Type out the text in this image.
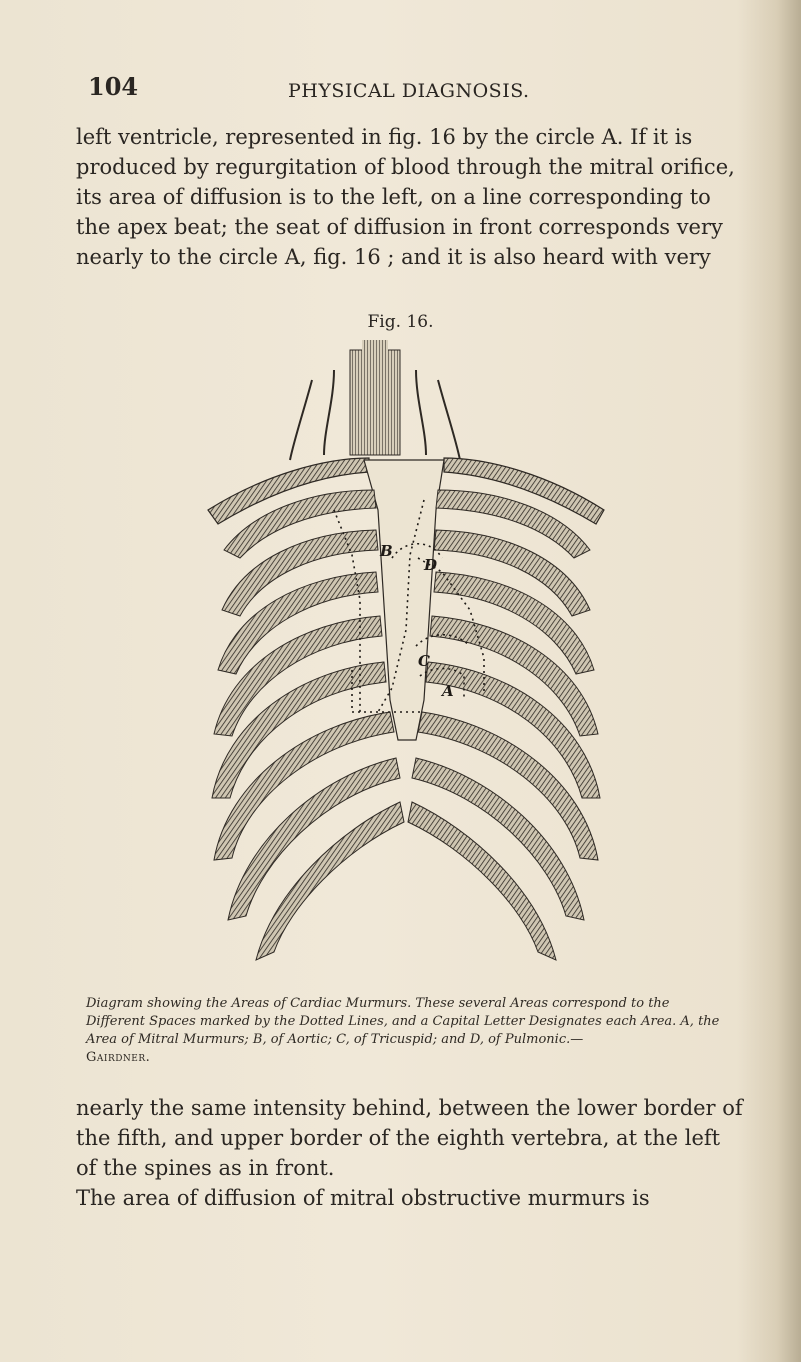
104	PHYSICAL DIAGNOSIS.
left ventricle, represented in fig. 16 by the circle A. If it is
produced by regurgitation of blood through the mitral orifice,
its area of diffusion is to the left, on a line corresponding to
the apex beat; the seat of diffusion in front corresponds very
nearly to the circle A, fig. 16 ; and it is also heard with very
Fig. 16.
B
D
C
A
Diagram showing the Areas of Cardiac Murmurs. These several Areas correspond to the Different Spaces marked by the Dotted Lines, and a Capital Letter Designates each Area. A, the Area of Mitral Murmurs; B, of Aortic; C, of Tricuspid; and D, of Pulmonic.—
Gairdner.
nearly the same intensity behind, between the lower border of
the fifth, and upper border of the eighth vertebra, at the left
of the spines as in front.
The area of diffusion of mitral obstructive murmurs is
